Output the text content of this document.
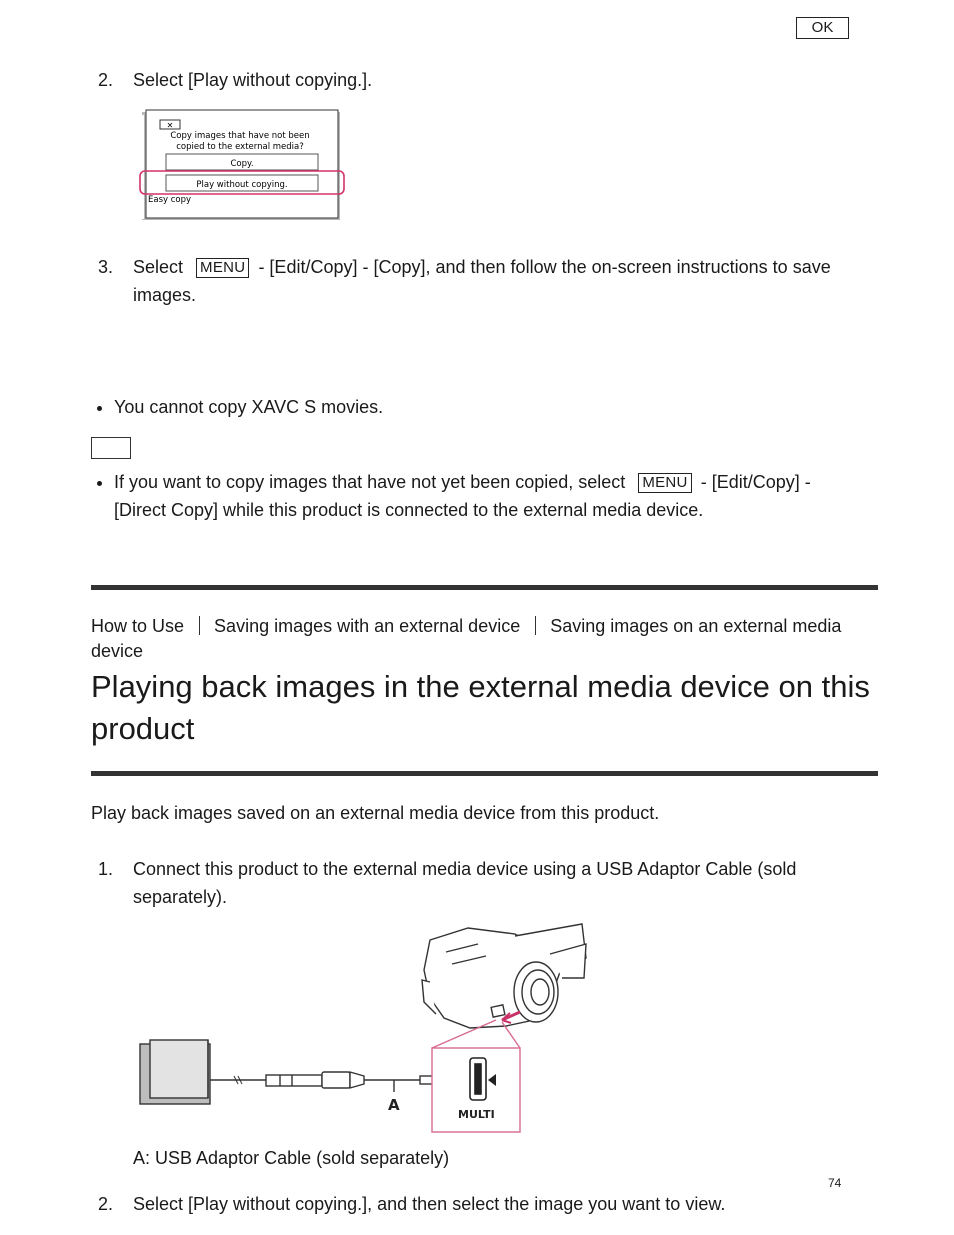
OK
2. Select [Play without copying.].
✕
Copy images that have not been
copied to the external media?
Copy.
Play without copying.
Easy copy
3. Select MENU - [Edit/Copy] - [Copy], and then follow the on-screen instructions to save
images.
You cannot copy XAVC S movies.
If you want to copy images that have not yet been copied, select MENU - [Edit/Copy] -
[Direct Copy] while this product is connected to the external media device.
How to Use Saving images with an external device Saving images on an external media
device
Playing back images in the external media device on this
product
Play back images saved on an external media device from this product.
1. Connect this product to the external media device using a USB Adaptor Cable (sold
separately).
A
MULTI
A: USB Adaptor Cable (sold separately)
74
2. Select [Play without copying.], and then select the image you want to view.
